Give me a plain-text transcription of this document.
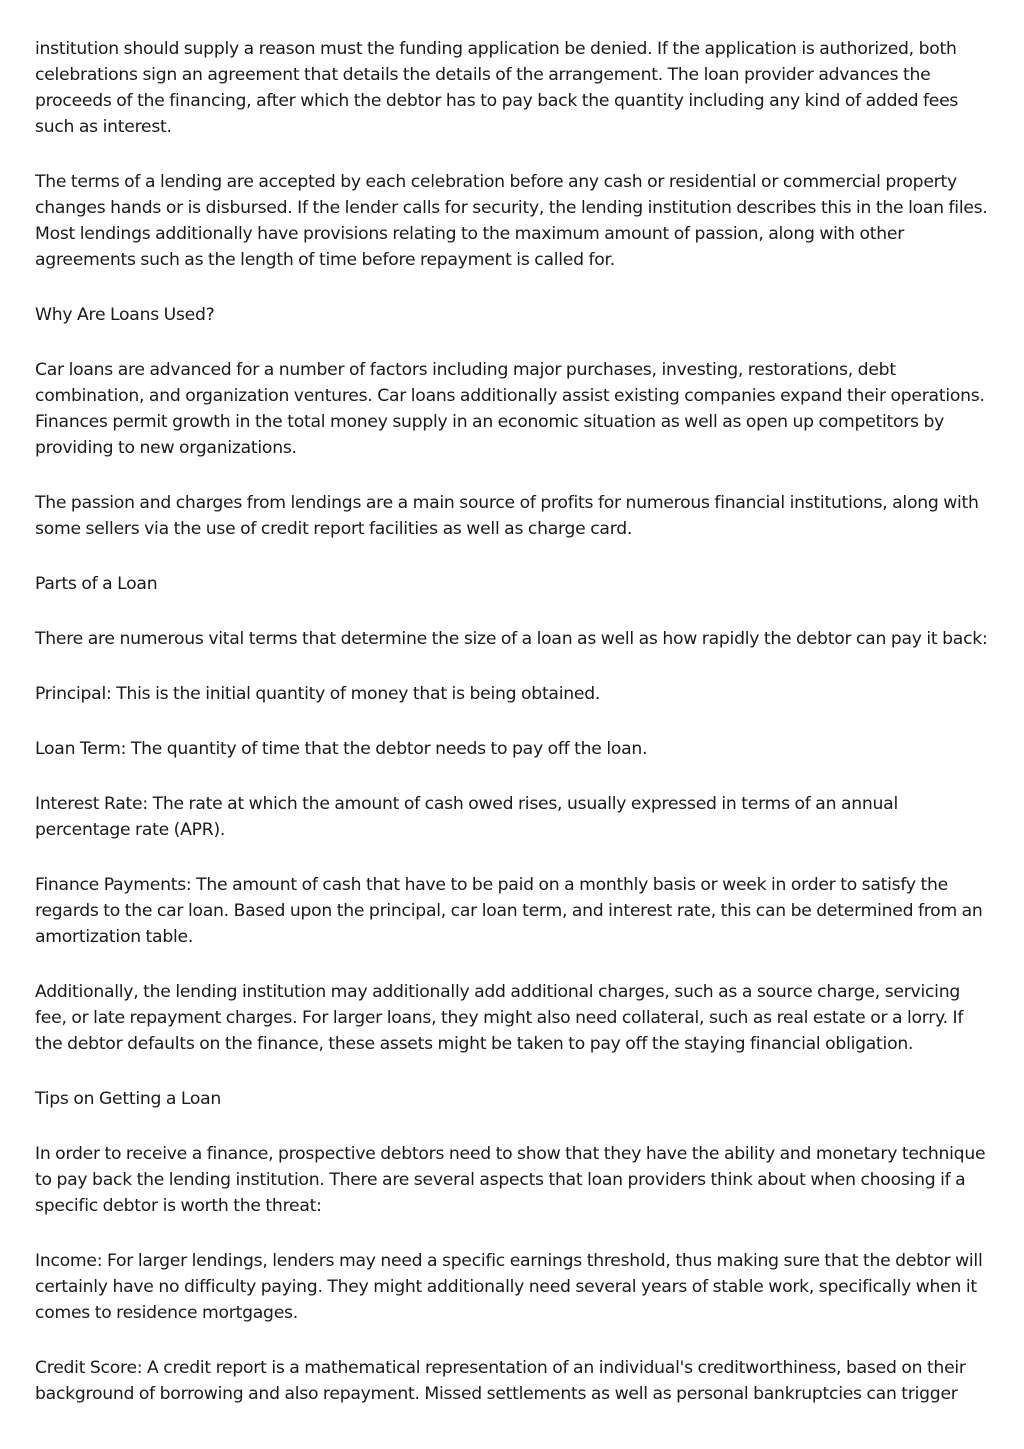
institution should supply a reason must the funding application be denied. If the application is authorized, both celebrations sign an agreement that details the details of the arrangement. The loan provider advances the proceeds of the financing, after which the debtor has to pay back the quantity including any kind of added fees such as interest.

The terms of a lending are accepted by each celebration before any cash or residential or commercial property changes hands or is disbursed. If the lender calls for security, the lending institution describes this in the loan files. Most lendings additionally have provisions relating to the maximum amount of passion, along with other agreements such as the length of time before repayment is called for.

Why Are Loans Used?

Car loans are advanced for a number of factors including major purchases, investing, restorations, debt combination, and organization ventures. Car loans additionally assist existing companies expand their operations. Finances permit growth in the total money supply in an economic situation as well as open up competitors by providing to new organizations.

The passion and charges from lendings are a main source of profits for numerous financial institutions, along with some sellers via the use of credit report facilities as well as charge card.

Parts of a Loan

There are numerous vital terms that determine the size of a loan as well as how rapidly the debtor can pay it back:

Principal: This is the initial quantity of money that is being obtained.

Loan Term: The quantity of time that the debtor needs to pay off the loan.

Interest Rate: The rate at which the amount of cash owed rises, usually expressed in terms of an annual percentage rate (APR).

Finance Payments: The amount of cash that have to be paid on a monthly basis or week in order to satisfy the regards to the car loan. Based upon the principal, car loan term, and interest rate, this can be determined from an amortization table.

Additionally, the lending institution may additionally add additional charges, such as a source charge, servicing fee, or late repayment charges. For larger loans, they might also need collateral, such as real estate or a lorry. If the debtor defaults on the finance, these assets might be taken to pay off the staying financial obligation.

Tips on Getting a Loan

In order to receive a finance, prospective debtors need to show that they have the ability and monetary technique to pay back the lending institution. There are several aspects that loan providers think about when choosing if a specific debtor is worth the threat:

Income: For larger lendings, lenders may need a specific earnings threshold, thus making sure that the debtor will certainly have no difficulty paying. They might additionally need several years of stable work, specifically when it comes to residence mortgages.

Credit Score: A credit report is a mathematical representation of an individual's creditworthiness, based on their background of borrowing and also repayment. Missed settlements as well as personal bankruptcies can trigger
